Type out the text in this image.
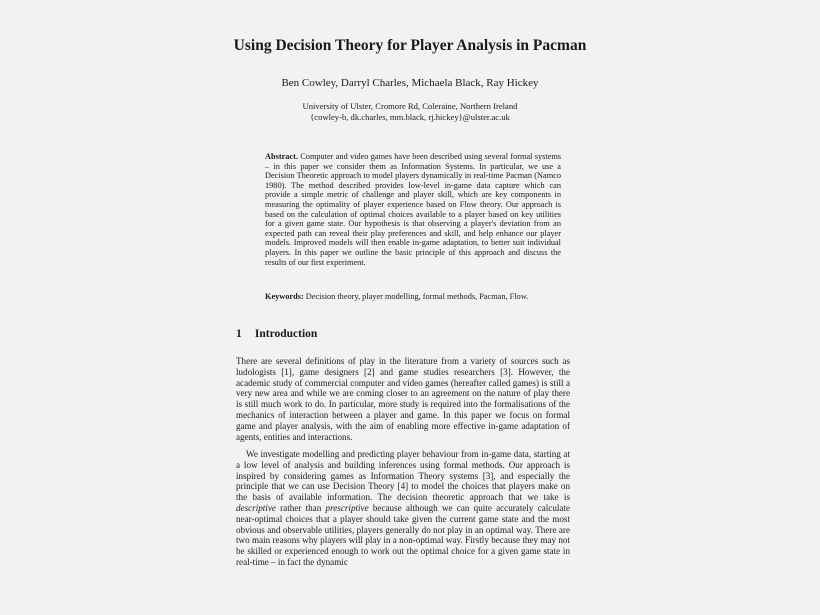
Using Decision Theory for Player Analysis in Pacman
Ben Cowley, Darryl Charles, Michaela Black, Ray Hickey
University of Ulster, Cromore Rd, Coleraine, Northern Ireland
{cowley-b, dk.charles, mm.black, rj.hickey}@ulster.ac.uk
Abstract. Computer and video games have been described using several formal systems – in this paper we consider them as Information Systems. In particular, we use a Decision Theoretic approach to model players dynamically in real-time Pacman (Namco 1980). The method described provides low-level in-game data capture which can provide a simple metric of challenge and player skill, which are key components in measuring the optimality of player experience based on Flow theory. Our approach is based on the calculation of optimal choices available to a player based on key utilities for a given game state. Our hypothesis is that observing a player's deviation from an expected path can reveal their play preferences and skill, and help enhance our player models. Improved models will then enable in-game adaptation, to better suit individual players. In this paper we outline the basic principle of this approach and discuss the results of our first experiment.
Keywords: Decision theory, player modelling, formal methods, Pacman, Flow.
1 Introduction
There are several definitions of play in the literature from a variety of sources such as ludologists [1], game designers [2] and game studies researchers [3]. However, the academic study of commercial computer and video games (hereafter called games) is still a very new area and while we are coming closer to an agreement on the nature of play there is still much work to do. In particular, more study is required into the formalisations of the mechanics of interaction between a player and game. In this paper we focus on formal game and player analysis, with the aim of enabling more effective in-game adaptation of agents, entities and interactions.
We investigate modelling and predicting player behaviour from in-game data, starting at a low level of analysis and building inferences using formal methods. Our approach is inspired by considering games as Information Theory systems [3], and especially the principle that we can use Decision Theory [4] to model the choices that players make on the basis of available information. The decision theoretic approach that we take is descriptive rather than prescriptive because although we can quite accurately calculate near-optimal choices that a player should take given the current game state and the most obvious and observable utilities, players generally do not play in an optimal way. There are two main reasons why players will play in a non-optimal way. Firstly because they may not be skilled or experienced enough to work out the optimal choice for a given game state in real-time – in fact the dynamic
